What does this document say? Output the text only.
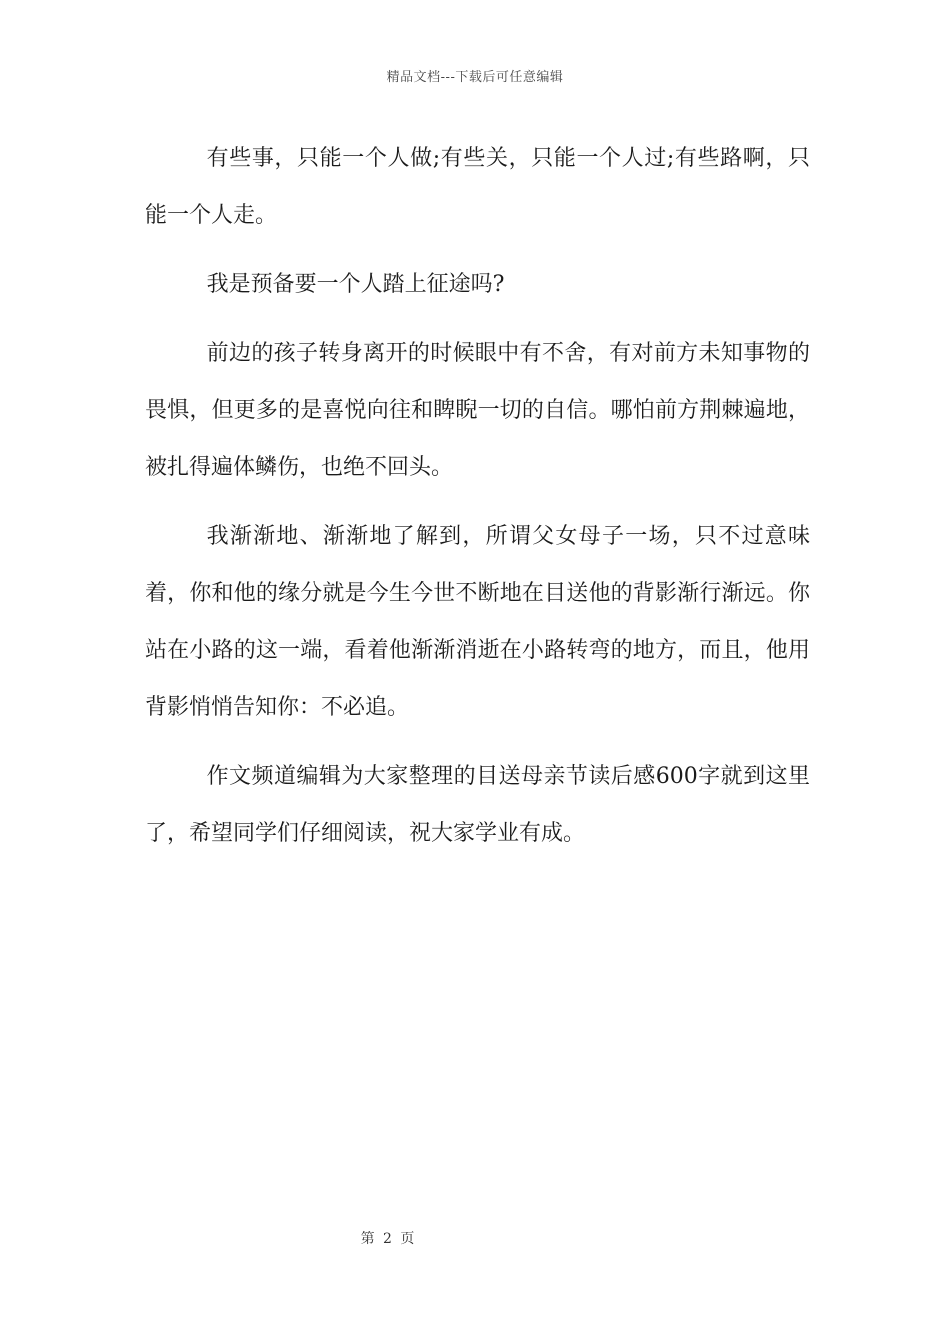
精品文档---下载后可任意编辑

有些事，只能一个人做;有些关，只能一个人过;有些路啊，只能一个人走。

我是预备要一个人踏上征途吗?

前边的孩子转身离开的时候眼中有不舍，有对前方未知事物的畏惧，但更多的是喜悦向往和睥睨一切的自信。哪怕前方荆棘遍地，被扎得遍体鳞伤，也绝不回头。

我渐渐地、渐渐地了解到，所谓父女母子一场，只不过意味着，你和他的缘分就是今生今世不断地在目送他的背影渐行渐远。你站在小路的这一端，看着他渐渐消逝在小路转弯的地方，而且，他用背影悄悄告知你：不必追。

作文频道编辑为大家整理的目送母亲节读后感600字就到这里了，希望同学们仔细阅读，祝大家学业有成。

第 2 页
